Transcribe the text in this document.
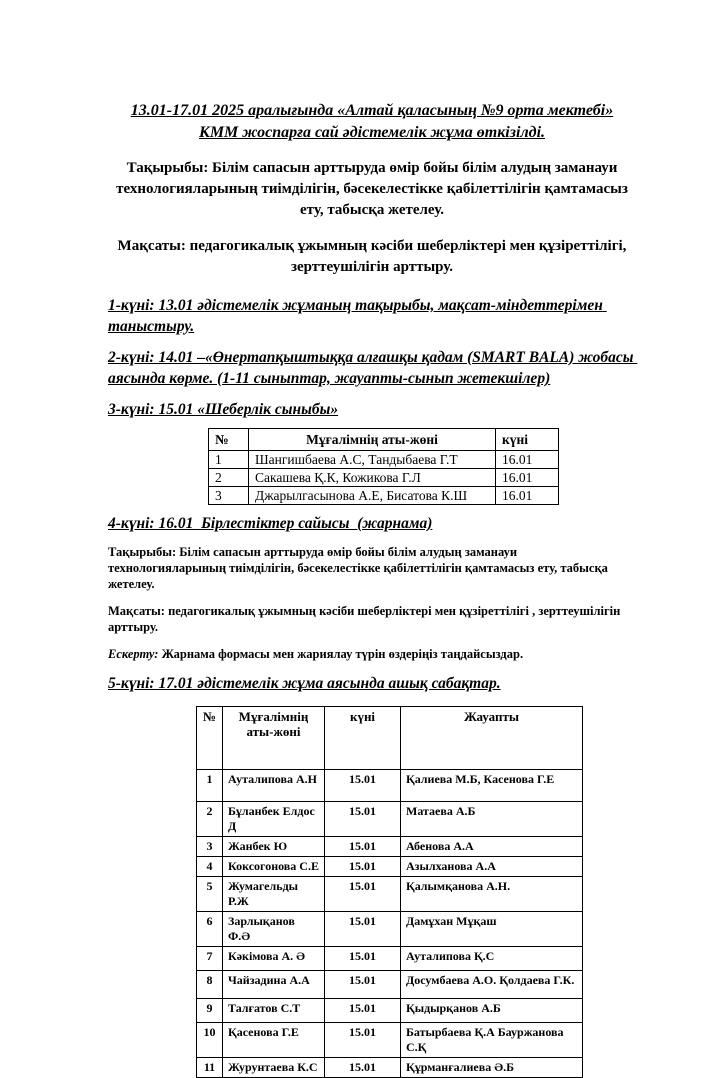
13.01-17.01 2025 аралығында «Алтай қаласының №9 орта мектебі»
КММ жоспарға сай әдістемелік жұма өткізілді.

Тақырыбы: Білім сапасын арттыруда өмір бойы білім алудың заманауи технологияларының тиімділігін, бәсекелестікке қабілеттілігін қамтамасыз ету, табысқа жетелеу.

Мақсаты: педагогикалық ұжымның кәсіби шеберліктері мен құзіреттілігі, зерттеушілігін арттыру.

1-күні: 13.01 әдістемелік жұманың тақырыбы, мақсат-міндеттерімен таныстыру.

2-күні: 14.01 –«Өнертапқыштыққа алғашқы қадам (SMART BALA) жобасы аясында көрме. (1-11 сыныптар, жауапты-сынып жетекшілер)

3-күні: 15.01 «Шеберлік сыныбы»

№	Мұғалімнің аты-жөні	күні
1	Шангишбаева А.С, Тандыбаева Г.Т	16.01
2	Сакашева Қ.К, Кожикова Г.Л	16.01
3	Джарылгасынова А.Е, Бисатова К.Ш	16.01

4-күні: 16.01  Бірлестіктер сайысы  (жарнама)

Тақырыбы: Білім сапасын арттыруда өмір бойы білім алудың заманауи технологияларының тиімділігін, бәсекелестікке қабілеттілігін қамтамасыз ету, табысқа жетелеу.

Мақсаты: педагогикалық ұжымның кәсіби шеберліктері мен құзіреттілігі , зерттеушілігін арттыру.

Ескерту: Жарнама формасы мен жариялау түрін өздеріңіз таңдайсыздар.

5-күні: 17.01 әдістемелік жұма аясында ашық сабақтар.

№	Мұғалімнің аты-жөні	күні	Жауапты
1	Ауталипова А.Н	15.01	Қалиева М.Б, Касенова Г.Е
2	Бұланбек Елдос Д	15.01	Матаева А.Б
3	Жанбек Ю	15.01	Абенова А.А
4	Коксогонова С.Е	15.01	Азылханова А.А
5	Жумагельды Р.Ж	15.01	Қалымқанова А.Н.
6	Зарлықанов Ф.Ә	15.01	Дамұхан Мұқаш
7	Кәкімова А. Ә	15.01	Ауталипова Қ.С
8	Чайзадина А.А	15.01	Досумбаева А.О. Қолдаева Г.К.
9	Талғатов С.Т	15.01	Қыдырқанов А.Б
10	Қасенова Г.Е	15.01	Батырбаева Қ.А Бауржанова С.Қ
11	Журунтаева К.С	15.01	Құрманғалиева Ә.Б
